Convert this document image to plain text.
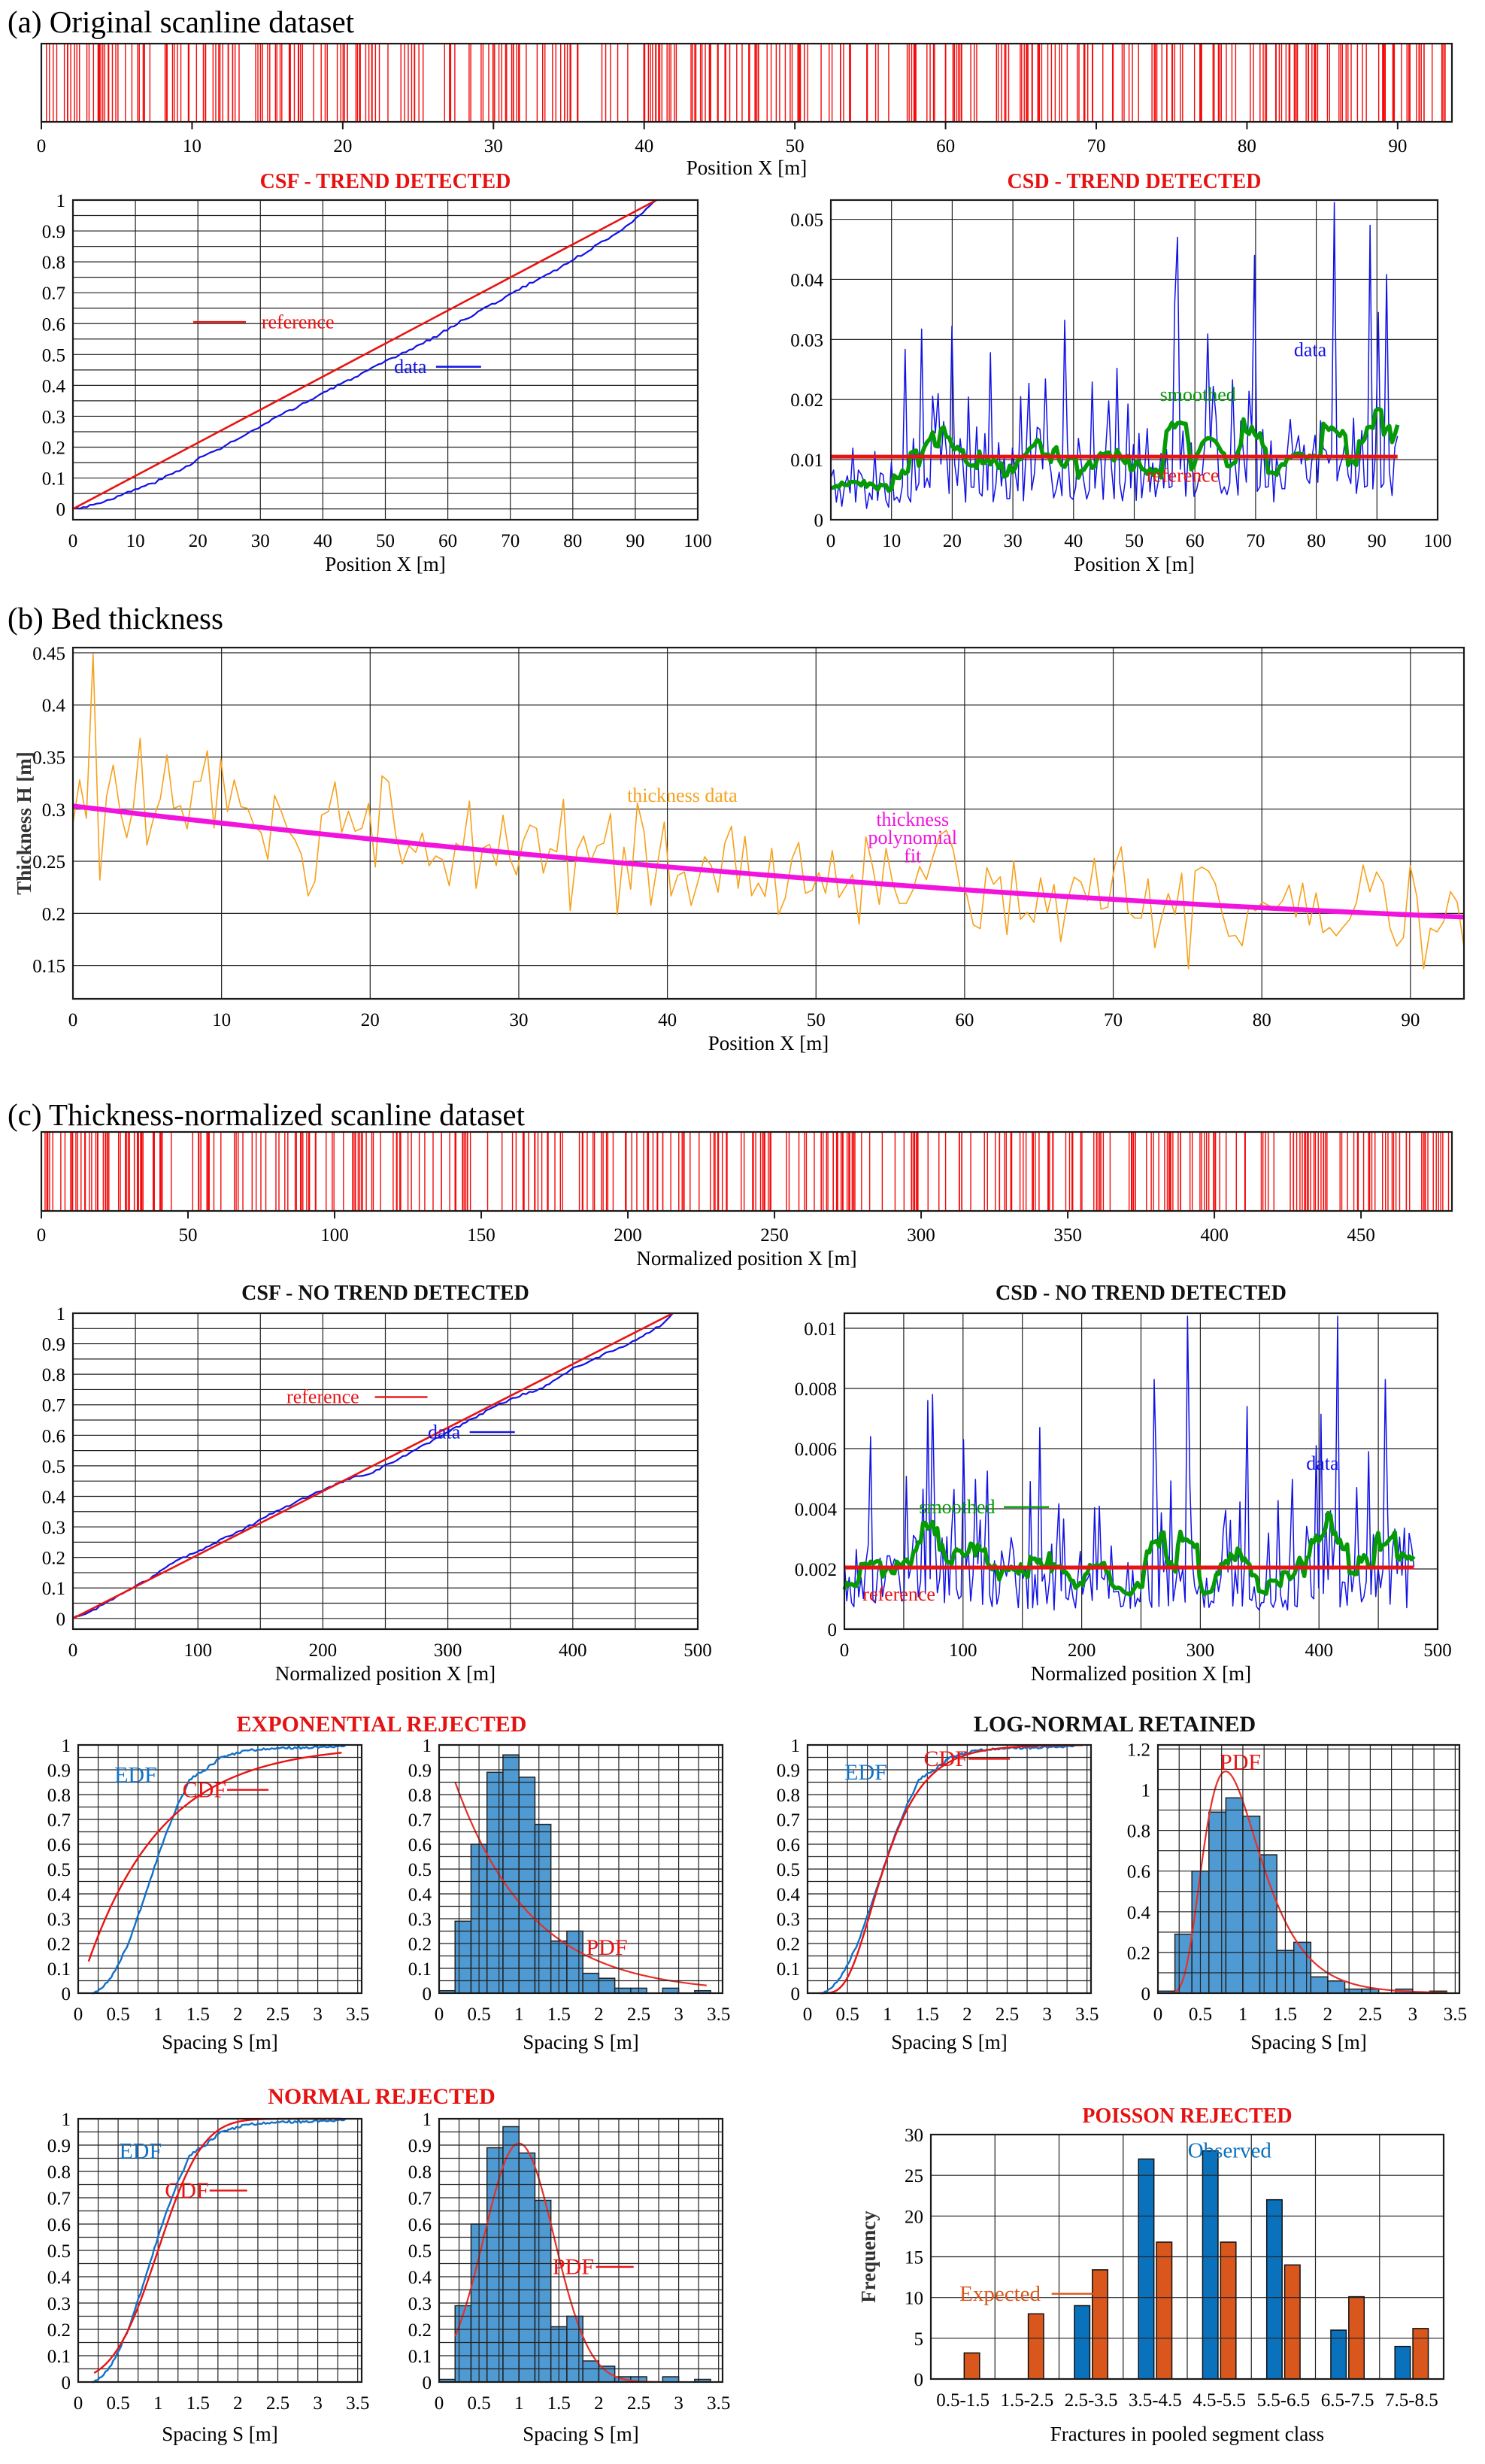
(a) Original scanline dataset
(b) Bed thickness
(c) Thickness-normalized scanline dataset
EXPONENTIAL REJECTED	LOG-NORMAL RETAINED
NORMAL REJECTED
0	10	20	30	40	50	60	70	80	90
Position X [m]
0	10 20 30 40 50 60 70 80 90 100
0
0.1
0.2
0.3
0.4
0.5
0.6
0.7
0.8
0.9
1
Position X [m]
CSF - TREND DETECTED
reference
data
0 10 20 30 40 50 60 70 80 90 100
0
0.01
0.02
0.03
0.04
0.05
Position X [m]
CSD - TREND DETECTED
data
smoothed
reference
0	10	20	30	40	50	60	70	80	90
0.15
0.2
0.25
0.3
0.35
0.4
0.45
Position X [m]
Thickness H [m]	thickness data
thickness
polynomial
fit
0	50	100	150	200	250	300	350	400	450
Normalized position X [m]
0	100	200	300	400	500
0
0.1
0.2
0.3
0.4
0.5
0.6
0.7
0.8
0.9
1
Normalized position X [m]
CSF - NO TREND DETECTED
reference
data
0	100	200	300	400	500
0
0.002
0.004
0.006
0.008
0.01
Normalized position X [m]
CSD - NO TREND DETECTED
smoothed
data
reference
0 0.5 1 1.5 2 2.5 3 3.5
0
0.1
0.2
0.3
0.4
0.5
0.6
0.7
0.8
0.9
1
Spacing S [m]
EDF
CDF
0 0.5 1 1.5 2 2.5 3 3.5
0
0.1
0.2
0.3
0.4
0.5
0.6
0.7
0.8
0.9
1
Spacing S [m]
PDF
0 0.5 1 1.5 2 2.5 3 3.5
0
0.1
0.2
0.3
0.4
0.5
0.6
0.7
0.8
0.9
1
Spacing S [m]
EDF
CDF
0 0.5 1 1.5 2 2.5 3 3.5
0
0.2
0.4
0.6
0.8
1
1.2
Spacing S [m]
PDF
0 0.5 1 1.5 2 2.5 3 3.5
0
0.1
0.2
0.3
0.4
0.5
0.6
0.7
0.8
0.9
1
Spacing S [m]
EDF
CDF
0 0.5 1 1.5 2 2.5 3 3.5
0
0.1
0.2
0.3
0.4
0.5
0.6
0.7
0.8
0.9
1
Spacing S [m]
PDF
0.5-1.5 1.5-2.5 2.5-3.5 3.5-4.5 4.5-5.5 5.5-6.5 6.5-7.5 7.5-8.5
0
5
10
15
20
25
30
Fractures in pooled segment class
Frequency
POISSON REJECTED
Observed
Expected
